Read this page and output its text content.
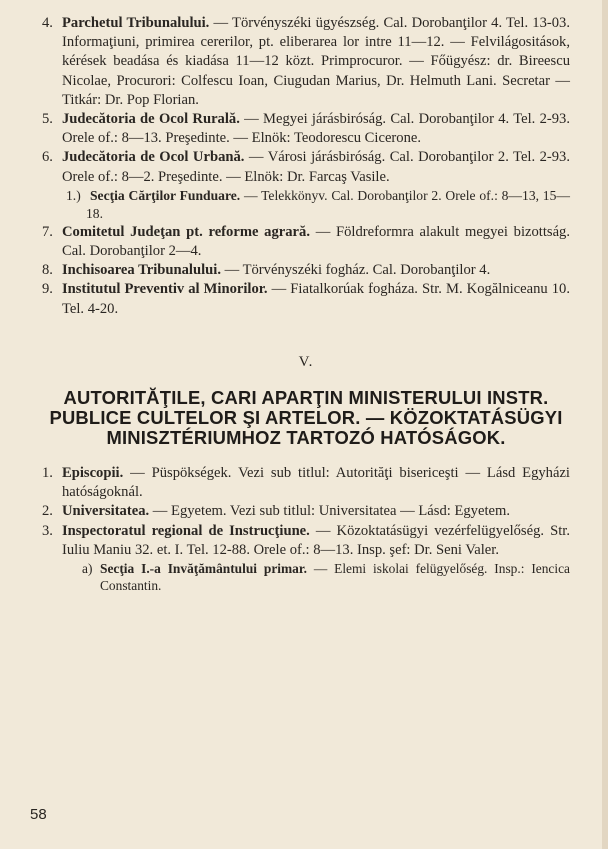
4. Parchetul Tribunalului. — Törvényszéki ügyészség. Cal. Dorobanţilor 4. Tel. 13-03. Informaţiuni, primirea cererilor, pt. eliberarea lor intre 11—12. — Felvilágositások, kérések beadása és kiadása 11—12 közt. Primprocuror. — Főügyész: dr. Bireescu Nicolae, Procurori: Colfescu Ioan, Ciugudan Marius, Dr. Helmuth Lani. Secretar — Titkár: Dr. Pop Florian.
5. Judecătoria de Ocol Rurală. — Megyei járásbiróság. Cal. Dorobanţilor 4. Tel. 2-93. Orele of.: 8—13. Preşedinte. — Elnök: Teodorescu Cicerone.
6. Judecătoria de Ocol Urbană. — Városi járásbiróság. Cal. Dorobanţilor 2. Tel. 2-93. Orele of.: 8—2. Preşedinte. — Elnök: Dr. Farcaş Vasile.
1.) Secţia Cărţilor Funduare. — Telekkönyv. Cal. Dorobanţilor 2. Orele of.: 8—13, 15—18.
7. Comitetul Judeţan pt. reforme agrară. — Földreformra alakult megyei bizottság. Cal. Dorobanţilor 2—4.
8. Inchisoarea Tribunalului. — Törvényszéki fogház. Cal. Dorobanţilor 4.
9. Institutul Preventiv al Minorilor. — Fiatalkorúak fogháza. Str. M. Kogălniceanu 10. Tel. 4-20.
V.
AUTORITĂŢILE, CARI APARŢIN MINISTERULUI INSTR. PUBLICE CULTELOR ŞI ARTELOR. — KÖZOKTATÁSÜGYI MINISZTÉRIUMHOZ TARTOZÓ HATÓSÁGOK.
1. Episcopii. — Püspökségek. Vezi sub titlul: Autorităţi bisericeşti — Lásd Egyházi hatóságoknál.
2. Universitatea. — Egyetem. Vezi sub titlul: Universitatea — Lásd: Egyetem.
3. Inspectoratul regional de Instrucţiune. — Közoktatásügyi vezérfelügyelőség. Str. Iuliu Maniu 32. et. I. Tel. 12-88. Orele of.: 8—13. Insp. şef: Dr. Seni Valer.
a) Secţia I.-a Invăţământului primar. — Elemi iskolai felügyelőség. Insp.: Iencica Constantin.
58
